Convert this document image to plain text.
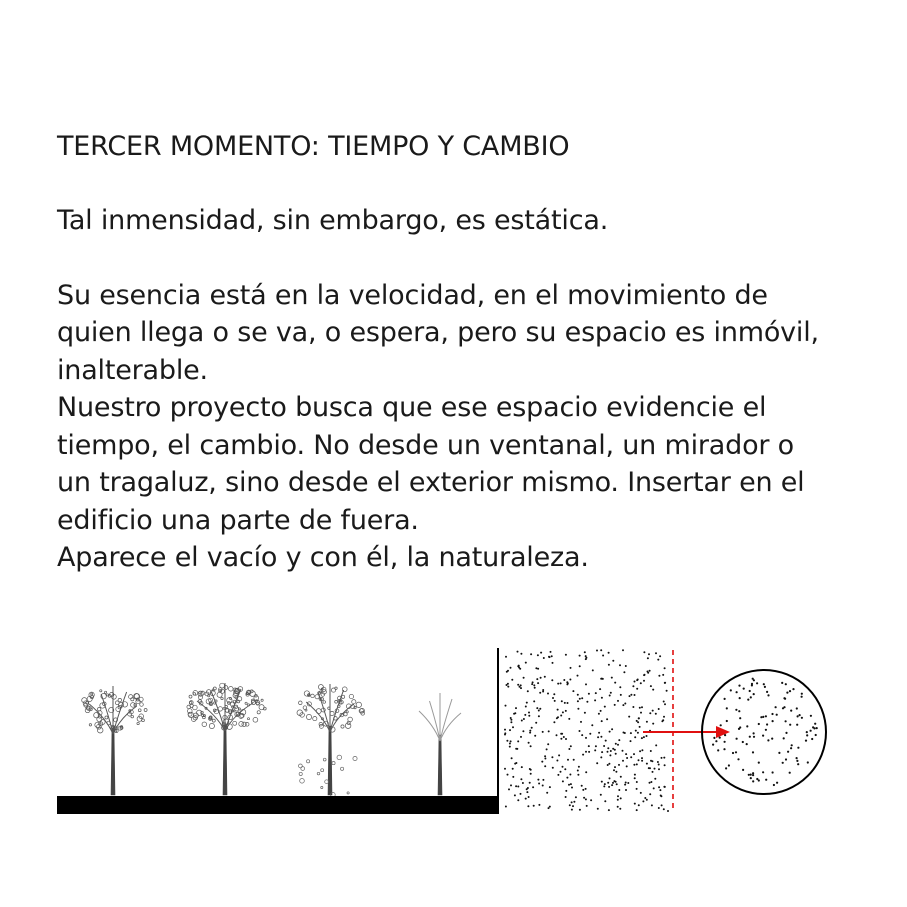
TERCER MOMENTO: TIEMPO Y CAMBIO

Tal inmensidad, sin embargo, es estática.

Su esencia está en la velocidad, en el movimiento de
quien llega o se va, o espera, pero su espacio es inmóvil,
inalterable.
Nuestro proyecto busca que ese espacio evidencie el
tiempo, el cambio. No desde un ventanal, un mirador o
un tragaluz, sino desde el exterior mismo. Insertar en el
edificio una parte de fuera.
Aparece el vacío y con él, la naturaleza.
